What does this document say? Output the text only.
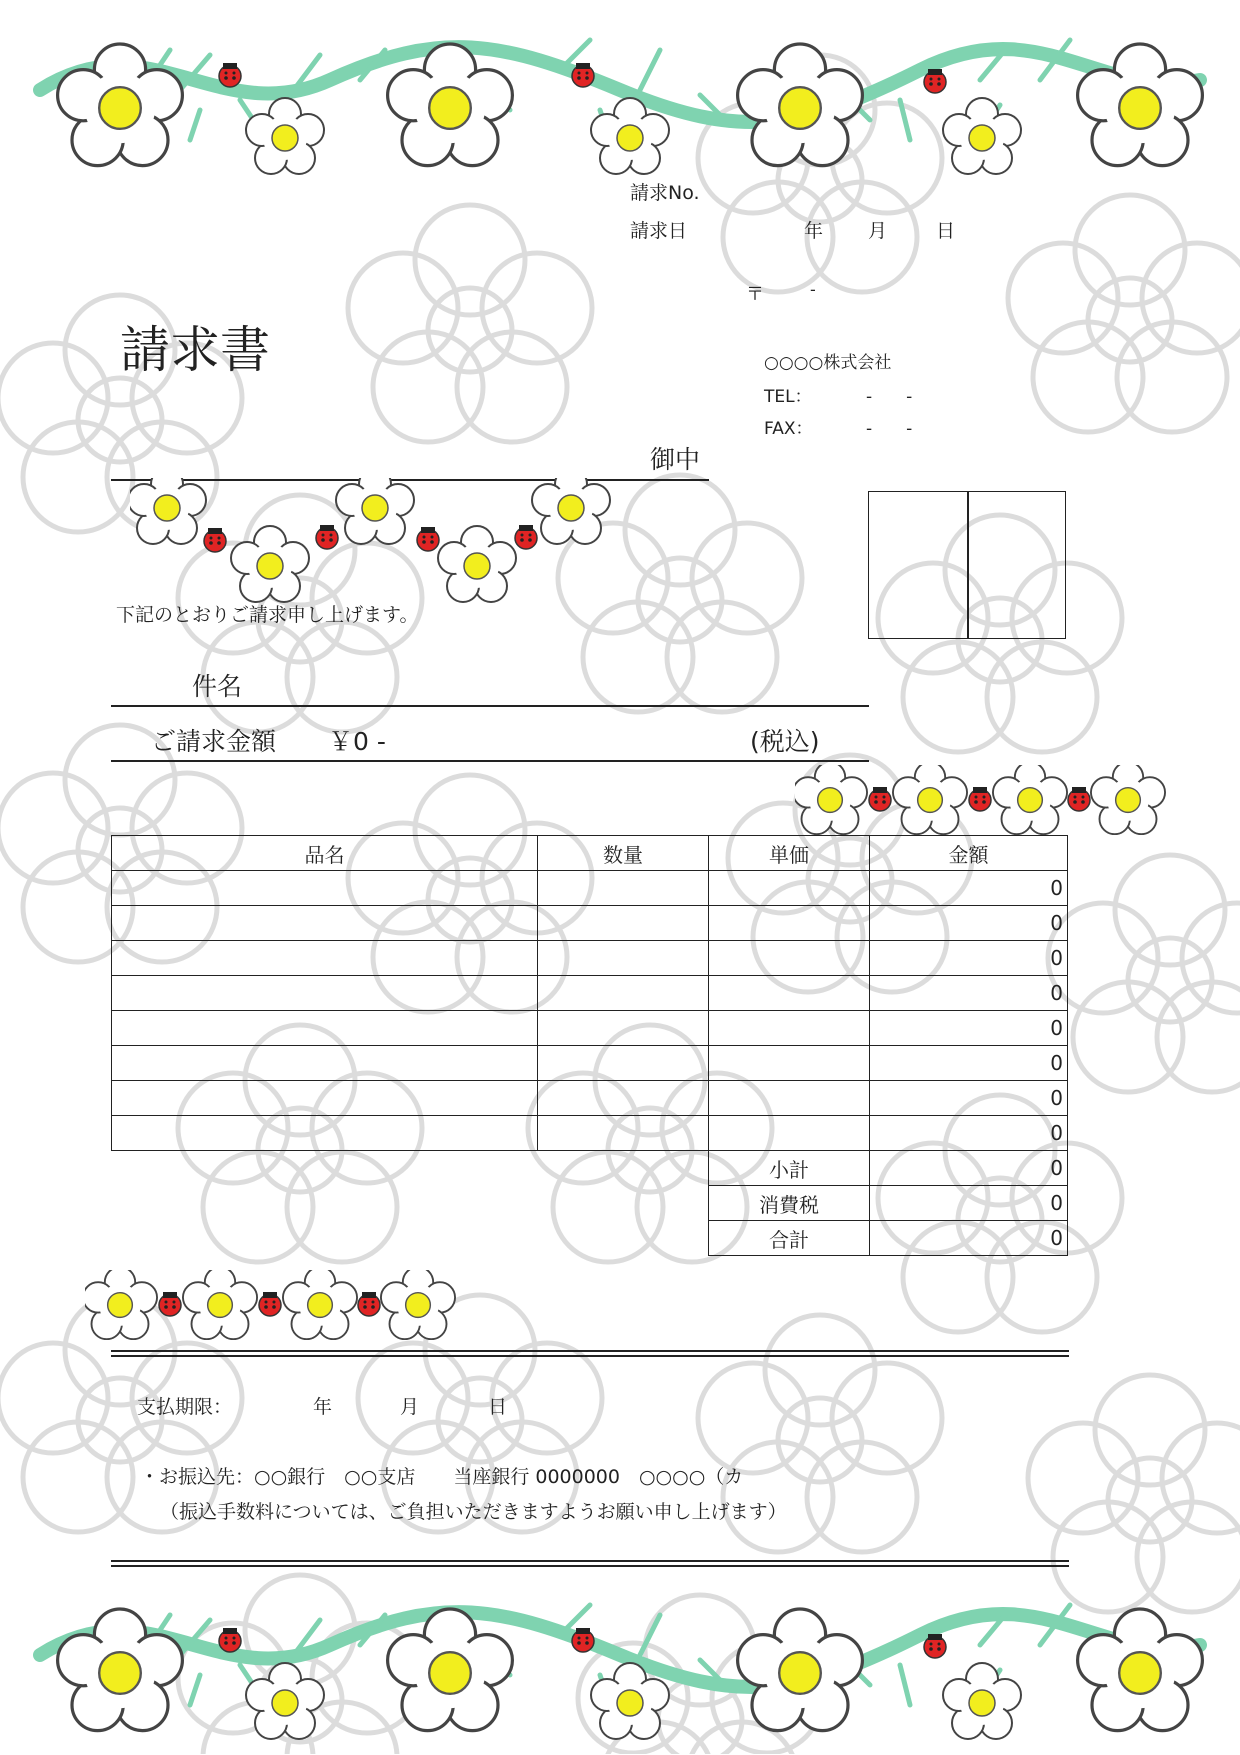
請求No.
請求日	年 月	日
〒	-
請求書	○○○○株式会社
TEL：	-　　-
FAX：	-　　-
御中
下記のとおりご請求申し上げます。
件名
ご請求金額 ￥0 -	(税込)
品名	数量	単価	金額
			0
			0
			0
			0
			0
			0
			0
			0
		小計	0
		消費税	0
		合計	0
支払期限：	年	月	日
・お振込先：○○銀行　○○支店　　当座銀行 0000000　○○○○（カ
（振込手数料については、ご負担いただきますようお願い申し上げます）
